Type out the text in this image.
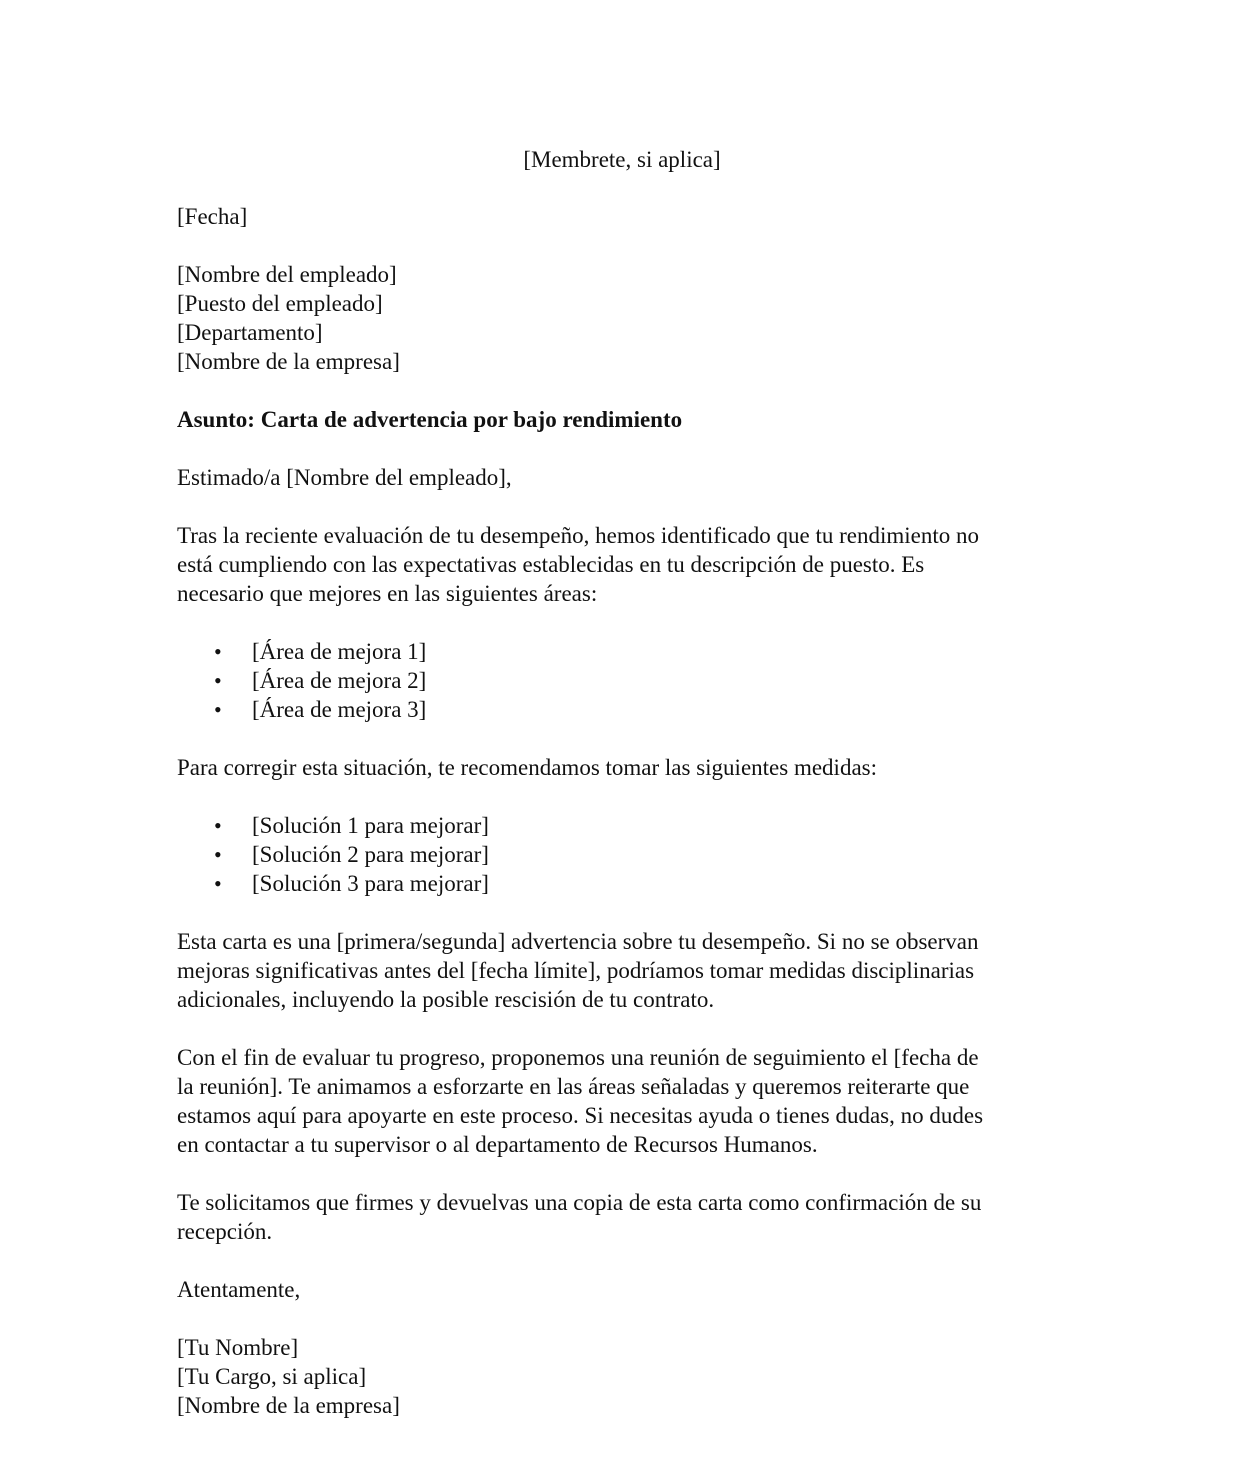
[Membrete, si aplica]
[Fecha]
[Nombre del empleado]
[Puesto del empleado]
[Departamento]
[Nombre de la empresa]
Asunto: Carta de advertencia por bajo rendimiento
Estimado/a [Nombre del empleado],

Tras la reciente evaluación de tu desempeño, hemos identificado que tu rendimiento no
está cumpliendo con las expectativas establecidas en tu descripción de puesto. Es
necesario que mejores en las siguientes áreas:

• [Área de mejora 1]
• [Área de mejora 2]
• [Área de mejora 3]

Para corregir esta situación, te recomendamos tomar las siguientes medidas:

• [Solución 1 para mejorar]
• [Solución 2 para mejorar]
• [Solución 3 para mejorar]

Esta carta es una [primera/segunda] advertencia sobre tu desempeño. Si no se observan
mejoras significativas antes del [fecha límite], podríamos tomar medidas disciplinarias
adicionales, incluyendo la posible rescisión de tu contrato.

Con el fin de evaluar tu progreso, proponemos una reunión de seguimiento el [fecha de
la reunión]. Te animamos a esforzarte en las áreas señaladas y queremos reiterarte que
estamos aquí para apoyarte en este proceso. Si necesitas ayuda o tienes dudas, no dudes
en contactar a tu supervisor o al departamento de Recursos Humanos.

Te solicitamos que firmes y devuelvas una copia de esta carta como confirmación de su
recepción.

Atentamente,
[Tu Nombre]
[Tu Cargo, si aplica]
[Nombre de la empresa]
